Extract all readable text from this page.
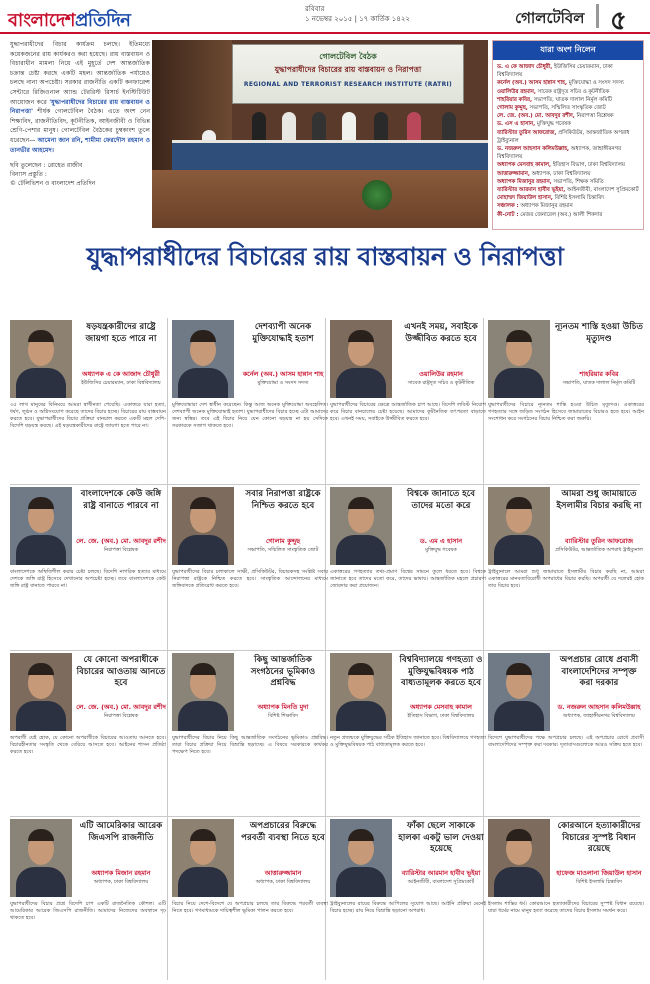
বাংলাদেশপ্রতিদিন
রবিবার
১ নভেম্বর ২০১৫ | ১৭ কার্তিক ১৪২২	গোলটেবিল ৫
যুদ্ধাপরাধীদের বিচার কার্যক্রম চলছে। ইতিমধ্যে কয়েকজনের রায় কার্যকরও করা হয়েছে। রায় বাস্তবায়ন ও বিচারাধীন মামলা নিয়ে এই মুহূর্তে দেশ আন্তর্জাতিক চক্রান্ত চেষ্টা করছে একটি মহল। আন্তর্জাতিক পর্যায়েও চলছে নানা অপচেষ্টা। সরকার রাজনীতি একটি কনফারেন্স সেন্টারে রিজিওনাল অ্যান্ড টেররিস্ট রিসার্চ ইনস্টিটিউট আয়োজন করে 'যুদ্ধাপরাধীদের বিচারের রায় বাস্তবায়ন ও নিরাপত্তা' শীর্ষক গোলটেবিল বৈঠক। এতে অংশ নেন শিক্ষাবিদ, রাজনীতিবিদ, কূটনীতিক, আইনজীবী ও বিভিন্ন শ্রেণি-পেশার মানুষ। গোলটেবিল বৈঠকের চুম্বকাংশ তুলে ধরেছেন— আমেনা জান রনি, শামীমা ফেরদৌস রহমান ও তানভীর আহমেদ।
ছবি তুলেছেন : রোহেত রাজীব
বিন্যাস প্রস্তুতি :
© টেলিভিশন ও বাংলাদেশ প্রতিদিন
গোলটেবিল বৈঠক
যুদ্ধাপরাধীদের বিচারের রায় বাস্তবায়ন ও নিরাপত্তা
REGIONAL AND TERRORIST RESEARCH INSTITUTE (RATRI)
যারা অংশ নিলেন
ড. এ কে আজাদ চৌধুরী, ইউজিসির চেয়ারম্যান, ঢাকা বিশ্ববিদ্যালয়
কর্নেল (অব.) আসম হান্নান শাহ, মুক্তিযোদ্ধা ও সংসদ সদস্য
ওয়ালিউর রহমান, সাবেক রাষ্ট্রদূত সচিব ও কূটনীতিক
শাহরিয়ার কবির, সভাপতি, ঘাতক দালাল নির্মূল কমিটি
গোলাম কুদ্দুছ, সভাপতি, সম্মিলিত সাংস্কৃতিক জোট
লে. জে. (অব.) মো. আবদুর রশীদ, নিরাপত্তা বিশ্লেষক
ড. এস এ হাসান, মুক্তিযুদ্ধ গবেষক
ব্যারিস্টার তুরিন আফরোজ, প্রসিকিউটর, আন্তর্জাতিক অপরাধ ট্রাইব্যুনাল
ড. নজরুল আহসান কলিমউল্লাহ, অধ্যাপক, জাহাঙ্গীরনগর বিশ্ববিদ্যালয়
অধ্যাপক মেসবাহ কামাল, ইতিহাস বিভাগ, ঢাকা বিশ্ববিদ্যালয়
আত্তারুজ্জামান, অধ্যাপক, ঢাকা বিশ্ববিদ্যালয়
অধ্যাপক মিজানুর রহমান, সভাপতি, শিক্ষক সমিতি
ব্যারিস্টার আরমান হাবীব ভূইয়া, আইনজীবী, বাংলাদেশ সুপ্রিমকোর্ট
মোহাম্মদ জিয়াউল হাসান, বিশিষ্ট ইসলামি চিন্তাবিদ
সঞ্চালক : অধ্যাপক মিজানুর রহমান
কী-নোট : মেজর জেনারেল (অব.) আলী শিকদার
যুদ্ধাপরাধীদের বিচারের রায় বাস্তবায়ন ও নিরাপত্তা
ষড়যন্ত্রকারীদের রাষ্ট্রে জায়গা হতে পারে না
অধ্যাপক এ কে আজাদ চৌধুরী
ইউজিসির চেয়ারম্যান, ঢাকা বিশ্ববিদ্যালয়
৩৫ লাখ মানুষের বিনিময়ে আমরা স্বাধীনতা পেয়েছি। একাত্তরে যারা হত্যা, ধর্ষণ, লুণ্ঠন ও অগ্নিসংযোগ করেছে তাদের বিচার হচ্ছে। বিচারের রায় বাস্তবায়ন করতে হবে। যুদ্ধাপরাধীদের বিচার প্রক্রিয়া বানচাল করতে একটি মহল দেশি-বিদেশি ষড়যন্ত্র করছে। এই ষড়যন্ত্রকারীদের রাষ্ট্রে জায়গা হতে পারে না।
দেশব্যাপী অনেক মুক্তিযোদ্ধাই হতাশ
কর্নেল (অব.) আসম হান্নান শাহ
মুক্তিযোদ্ধা ও সংসদ সদস্য
মুক্তিযোদ্ধারা দেশ স্বাধীন করেছেন। কিন্তু আজ অনেক মুক্তিযোদ্ধা অবহেলিত। দেশব্যাপী অনেক মুক্তিযোদ্ধাই হতাশ। যুদ্ধাপরাধীদের বিচার হচ্ছে এটা আমাদের জন্য স্বস্তির। তবে এই বিচার নিয়ে যেন কোনো ষড়যন্ত্র না হয় সেদিকে সরকারকে সজাগ থাকতে হবে।
এখনই সময়, সবাইকে উজ্জীবিত করতে হবে
ওয়ালিউর রহমান
সাবেক রাষ্ট্রদূত সচিব ও কূটনীতিক
যুদ্ধাপরাধীদের বিচারের ক্ষেত্রে আন্তর্জাতিক চাপ আছে। বিদেশি লবিস্ট নিয়োগ করে বিচার বানচালের চেষ্টা হয়েছে। আমাদের কূটনৈতিক তৎপরতা বাড়াতে হবে। এখনই সময়, সবাইকে উজ্জীবিত করতে হবে।
ন্যূনতম শাস্তি হওয়া উচিত মৃত্যুদণ্ড
শাহরিয়ার কবির
সভাপতি, ঘাতক দালাল নির্মূল কমিটি
যুদ্ধাপরাধীদের বিচারে ন্যূনতম শাস্তি হওয়া উচিত মৃত্যুদণ্ড। একাত্তরের গণহত্যার সঙ্গে জড়িত সংগঠন হিসেবে জামায়াতের বিচারও হতে হবে। আইন সংশোধন করে সংগঠনের বিচার নিশ্চিত করা জরুরি।
বাংলাদেশকে কেউ জঙ্গি রাষ্ট্র বানাতে পারবে না
লে. জে. (অব.) মো. আবদুর রশীদ
নিরাপত্তা বিশ্লেষক
বাংলাদেশকে অস্থিতিশীল করার চেষ্টা চলছে। বিদেশি নাগরিক হত্যার মাধ্যমে দেশকে জঙ্গি রাষ্ট্র হিসেবে দেখানোর অপচেষ্টা হচ্ছে। তবে বাংলাদেশকে কেউ জঙ্গি রাষ্ট্র বানাতে পারবে না।
সবার নিরাপত্তা রাষ্ট্রকে নিশ্চিত করতে হবে
গোলাম কুদ্দুছ
সভাপতি, সম্মিলিত সাংস্কৃতিক জোট
যুদ্ধাপরাধীদের বিচার চলাকালে সাক্ষী, প্রসিকিউটর, বিচারকসহ সংশ্লিষ্ট সবার নিরাপত্তা রাষ্ট্রকে নিশ্চিত করতে হবে। সাংস্কৃতিক আন্দোলনের মাধ্যমে জঙ্গিবাদকে প্রতিরোধ করতে হবে।
বিশ্বকে জানাতে হবে তাদের মতো করে
ড. এম এ হাসান
মুক্তিযুদ্ধ গবেষক
একাত্তরের গণহত্যার তথ্য-প্রমাণ বিশ্বের সামনে তুলে ধরতে হবে। বিশ্বকে জানাতে হবে তাদের মতো করে, তাদের ভাষায়। আন্তর্জাতিক মহলে প্রচারণা জোরদার করা প্রয়োজন।
আমরা শুধু জামায়াতে ইসলামীর বিচার করছি না
ব্যারিস্টার তুরিন আফরোজ
প্রসিকিউটর, আন্তর্জাতিক অপরাধ ট্রাইব্যুনাল
ট্রাইব্যুনালে আমরা শুধু জামায়াতে ইসলামীর বিচার করছি না, আমরা একাত্তরের মানবতাবিরোধী অপরাধের বিচার করছি। অপরাধী যে দলেরই হোক তার বিচার হবে।
যে কোনো অপরাধীকে বিচারের আওতায় আনতে হবে
লে. জে. (অব.) মো. আবদুর রশীদ
নিরাপত্তা বিশ্লেষক
অপরাধী যেই হোক, যে কোনো অপরাধীকে বিচারের আওতায় আনতে হবে। বিচারহীনতার সংস্কৃতি থেকে বেরিয়ে আসতে হবে। আইনের শাসন প্রতিষ্ঠা করতে হবে।
কিছু আন্তর্জাতিক সংগঠনের ভূমিকাও প্রশ্নবিদ্ধ
অধ্যাপক মিনতি মুদা
বিশিষ্ট শিক্ষাবিদ
যুদ্ধাপরাধীদের বিচার নিয়ে কিছু আন্তর্জাতিক সংগঠনের ভূমিকাও প্রশ্নবিদ্ধ। তারা বিচার প্রক্রিয়া নিয়ে বিভ্রান্তি ছড়াচ্ছে। এ বিষয়ে সরকারকে কার্যকর পদক্ষেপ নিতে হবে।
বিশ্ববিদ্যালয়ে গণহত্যা ও মুক্তিযুদ্ধবিষয়ক পাঠ বাধ্যতামূলক করতে হবে
অধ্যাপক মেসবাহ কামাল
ইতিহাস বিভাগ, ঢাকা বিশ্ববিদ্যালয়
নতুন প্রজন্মকে মুক্তিযুদ্ধের সঠিক ইতিহাস জানাতে হবে। বিশ্ববিদ্যালয়ে গণহত্যা ও মুক্তিযুদ্ধবিষয়ক পাঠ বাধ্যতামূলক করতে হবে।
অপপ্রচার রোধে প্রবাসী বাংলাদেশিদের সম্পৃক্ত করা দরকার
ড. নজরুল আহসান কলিমউল্লাহ
অধ্যাপক, জাহাঙ্গীরনগর বিশ্ববিদ্যালয়
বিদেশে যুদ্ধাপরাধীদের পক্ষে অপপ্রচার চলছে। এই অপপ্রচার রোধে প্রবাসী বাংলাদেশিদের সম্পৃক্ত করা দরকার। দূতাবাসগুলোকে আরও সক্রিয় হতে হবে।
এটি আমেরিকার আরেক জিএসপি রাজনীতি
অধ্যাপক মিজান রহমান
অধ্যাপক, ঢাকা বিশ্ববিদ্যালয়
যুদ্ধাপরাধীদের বিচার প্রশ্নে বিদেশি চাপ একটি রাজনৈতিক কৌশল। এটি আমেরিকার আরেক জিএসপি রাজনীতি। আমাদের নিজেদের অবস্থানে দৃঢ় থাকতে হবে।
অপপ্রচারের বিরুদ্ধে পরবর্তী ব্যবস্থা নিতে হবে
আত্তারুজ্জামান
অধ্যাপক, ঢাকা বিশ্ববিদ্যালয়
বিচার নিয়ে দেশে-বিদেশে যে অপপ্রচার চলছে তার বিরুদ্ধে পরবর্তী ব্যবস্থা নিতে হবে। গণমাধ্যমকে দায়িত্বশীল ভূমিকা পালন করতে হবে।
ফাঁকা ছেলে সাকাকে হালকা একটু ভাল দেওয়া হয়েছে
ব্যারিস্টার আরমান হাবীব ভূইয়া
আইনজীবী, বাংলাদেশ সুপ্রিমকোর্ট
ট্রাইব্যুনালের রায়ের বিরুদ্ধে আপিলের সুযোগ আছে। আইনি প্রক্রিয়া মেনেই বিচার হচ্ছে। রায় নিয়ে বিভ্রান্তি ছড়ানো অপরাধ।
কোরআনে হত্যাকারীদের বিচারের সুস্পষ্ট বিধান রয়েছে
হাফেজ মাওলানা জিয়াউল হাসান
বিশিষ্ট ইসলামি চিন্তাবিদ
ইসলাম শান্তির ধর্ম। কোরআনে হত্যাকারীদের বিচারের সুস্পষ্ট বিধান রয়েছে। যারা ধর্মের নামে মানুষ হত্যা করেছে তাদের বিচার ইসলাম সমর্থন করে।
